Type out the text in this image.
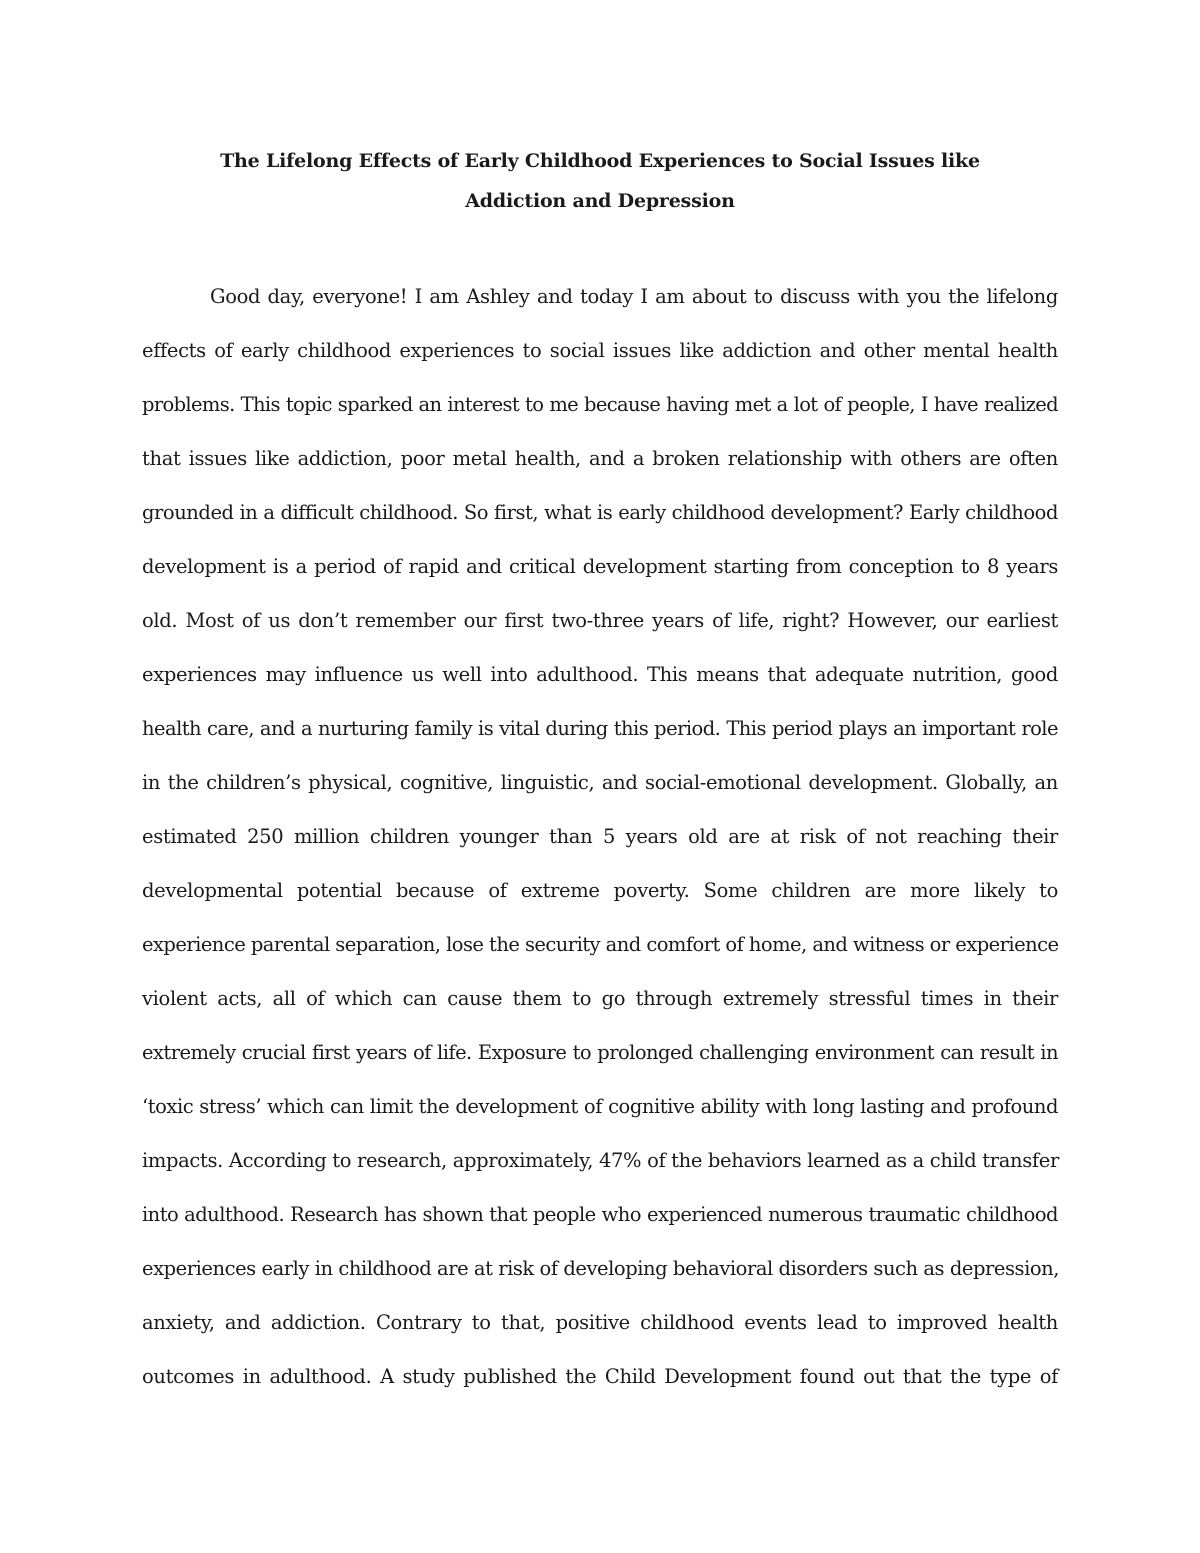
The Lifelong Effects of Early Childhood Experiences to Social Issues like
Addiction and Depression
Good day, everyone! I am Ashley and today I am about to discuss with you the lifelong
effects of early childhood experiences to social issues like addiction and other mental health
problems. This topic sparked an interest to me because having met a lot of people, I have realized
that issues like addiction, poor metal health, and a broken relationship with others are often
grounded in a difficult childhood. So first, what is early childhood development? Early childhood
development is a period of rapid and critical development starting from conception to 8 years
old. Most of us don’t remember our first two-three years of life, right? However, our earliest
experiences may influence us well into adulthood. This means that adequate nutrition, good
health care, and a nurturing family is vital during this period. This period plays an important role
in the children’s physical, cognitive, linguistic, and social-emotional development. Globally, an
estimated 250 million children younger than 5 years old are at risk of not reaching their
developmental potential because of extreme poverty. Some children are more likely to
experience parental separation, lose the security and comfort of home, and witness or experience
violent acts, all of which can cause them to go through extremely stressful times in their
extremely crucial first years of life. Exposure to prolonged challenging environment can result in
‘toxic stress’ which can limit the development of cognitive ability with long lasting and profound
impacts. According to research, approximately, 47% of the behaviors learned as a child transfer
into adulthood. Research has shown that people who experienced numerous traumatic childhood
experiences early in childhood are at risk of developing behavioral disorders such as depression,
anxiety, and addiction. Contrary to that, positive childhood events lead to improved health
outcomes in adulthood. A study published the Child Development found out that the type of
